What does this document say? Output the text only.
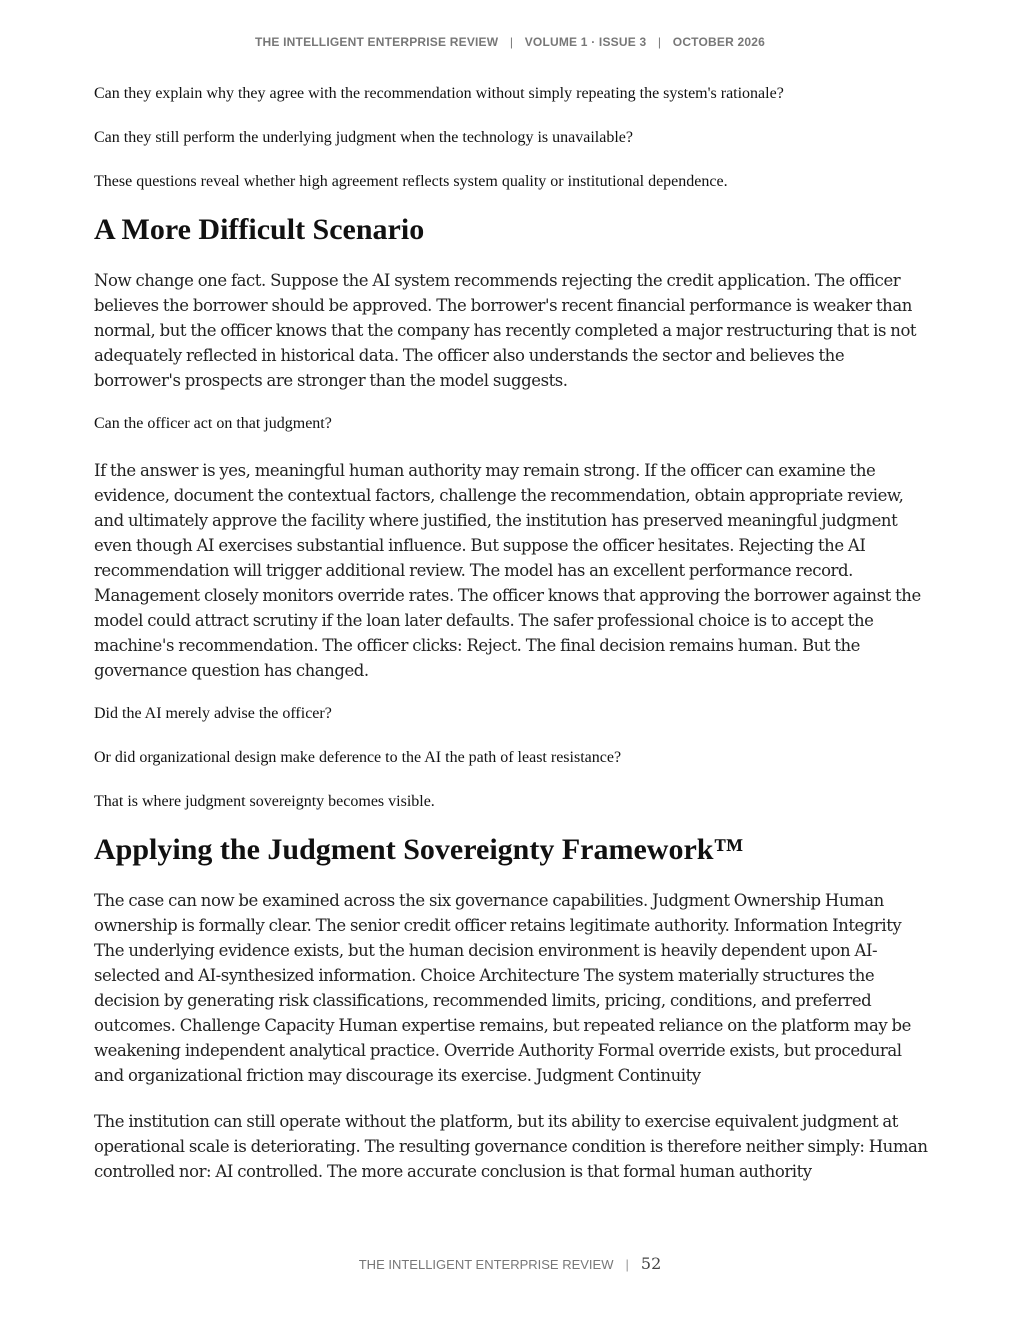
THE INTELLIGENT ENTERPRISE REVIEW | VOLUME 1 · ISSUE 3 | OCTOBER 2026

Can they explain why they agree with the recommendation without simply repeating the system's rationale?

Can they still perform the underlying judgment when the technology is unavailable?

These questions reveal whether high agreement reflects system quality or institutional dependence.

A More Difficult Scenario

Now change one fact. Suppose the AI system recommends rejecting the credit application. The officer believes the borrower should be approved. The borrower's recent financial performance is weaker than normal, but the officer knows that the company has recently completed a major restructuring that is not adequately reflected in historical data. The officer also understands the sector and believes the borrower's prospects are stronger than the model suggests.

Can the officer act on that judgment?

If the answer is yes, meaningful human authority may remain strong. If the officer can examine the evidence, document the contextual factors, challenge the recommendation, obtain appropriate review, and ultimately approve the facility where justified, the institution has preserved meaningful judgment even though AI exercises substantial influence. But suppose the officer hesitates. Rejecting the AI recommendation will trigger additional review. The model has an excellent performance record. Management closely monitors override rates. The officer knows that approving the borrower against the model could attract scrutiny if the loan later defaults. The safer professional choice is to accept the machine's recommendation. The officer clicks: Reject. The final decision remains human. But the governance question has changed.

Did the AI merely advise the officer?

Or did organizational design make deference to the AI the path of least resistance?

That is where judgment sovereignty becomes visible.

Applying the Judgment Sovereignty Framework™

The case can now be examined across the six governance capabilities. Judgment Ownership Human ownership is formally clear. The senior credit officer retains legitimate authority. Information Integrity The underlying evidence exists, but the human decision environment is heavily dependent upon AI-selected and AI-synthesized information. Choice Architecture The system materially structures the decision by generating risk classifications, recommended limits, pricing, conditions, and preferred outcomes. Challenge Capacity Human expertise remains, but repeated reliance on the platform may be weakening independent analytical practice. Override Authority Formal override exists, but procedural and organizational friction may discourage its exercise. Judgment Continuity

The institution can still operate without the platform, but its ability to exercise equivalent judgment at operational scale is deteriorating. The resulting governance condition is therefore neither simply: Human controlled nor: AI controlled. The more accurate conclusion is that formal human authority

THE INTELLIGENT ENTERPRISE REVIEW | 52
